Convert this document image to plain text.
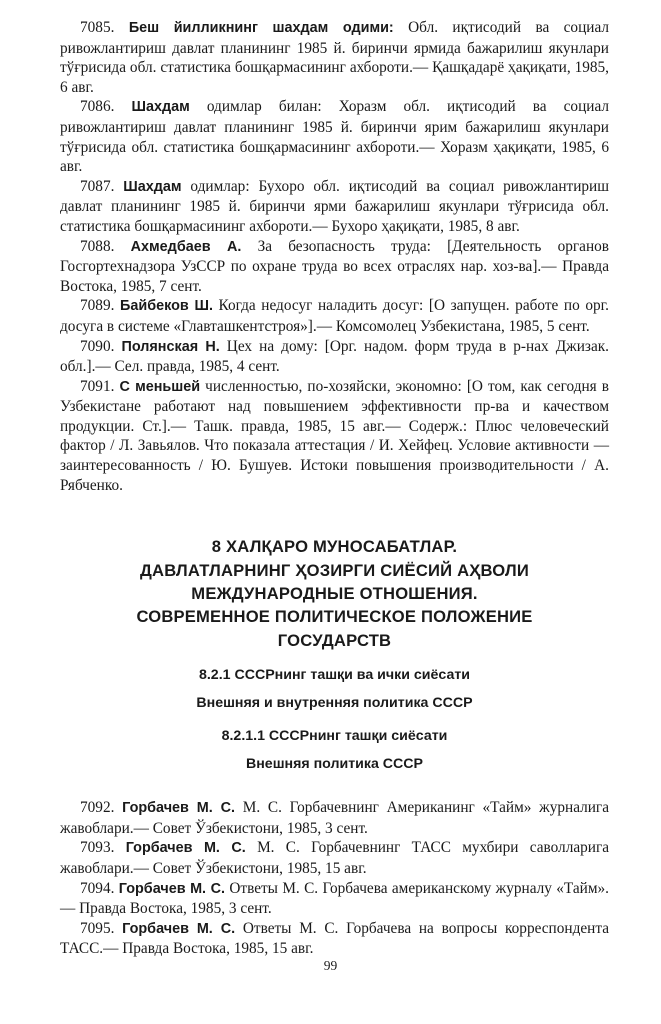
7085. Беш йилликнинг шахдам одими: Обл. иқтисодий ва социал ривожлантириш давлат планининг 1985 й. биринчи ярмида бажарилиш якунлари тўғрисида обл. статистика бошқармасининг ахбороти.— Қашқадарё ҳақиқати, 1985, 6 авг.

7086. Шахдам одимлар билан: Хоразм обл. иқтисодий ва социал ривожлантириш давлат планининг 1985 й. биринчи ярим бажарилиш якунлари тўғрисида обл. статистика бошқармасининг ахбороти.— Хоразм ҳақиқати, 1985, 6 авг.

7087. Шахдам одимлар: Бухоро обл. иқтисодий ва социал ривожлантириш давлат планининг 1985 й. биринчи ярми бажарилиш якунлари тўғрисида обл. статистика бошқармасининг ахбороти.— Бухоро ҳақиқати, 1985, 8 авг.

7088. Ахмедбаев А. За безопасность труда: [Деятельность органов Госгортехнадзора УзССР по охране труда во всех отраслях нар. хоз-ва].— Правда Востока, 1985, 7 сент.

7089. Байбеков Ш. Когда недосуг наладить досуг: [О запущен. работе по орг. досуга в системе «Главташкентстроя»].— Комсомолец Узбекистана, 1985, 5 сент.

7090. Полянская Н. Цех на дому: [Орг. надом. форм труда в р-нах Джизак. обл.].— Сел. правда, 1985, 4 сент.

7091. С меньшей численностью, по-хозяйски, экономно: [О том, как сегодня в Узбекистане работают над повышением эффективности пр-ва и качеством продукции. Ст.].— Ташк. правда, 1985, 15 авг.— Содерж.: Плюс человеческий фактор / Л. Завьялов. Что показала аттестация / И. Хейфец. Условие активности — заинтересованность / Ю. Бушуев. Истоки повышения производительности / А. Рябченко.

8 ХАЛҚАРО МУНОСАБАТЛАР.

ДАВЛАТЛАРНИНГ ҲОЗИРГИ СИЁСИЙ АҲВОЛИ

МЕЖДУНАРОДНЫЕ ОТНОШЕНИЯ.

СОВРЕМЕННОЕ ПОЛИТИЧЕСКОЕ ПОЛОЖЕНИЕ

ГОСУДАРСТВ

8.2.1 СССРнинг ташқи ва ички сиёсати

Внешняя и внутренняя политика СССР

8.2.1.1 СССРнинг ташқи сиёсати

Внешняя политика СССР

7092. Горбачев М. С. М. С. Горбачевнинг Американинг «Тайм» журналига жавоблари.— Совет Ўзбекистони, 1985, 3 сент.

7093. Горбачев М. С. М. С. Горбачевнинг ТАСС мухбири саволларига жавоблари.— Совет Ўзбекистони, 1985, 15 авг.

7094. Горбачев М. С. Ответы М. С. Горбачева американскому журналу «Тайм».— Правда Востока, 1985, 3 сент.

7095. Горбачев М. С. Ответы М. С. Горбачева на вопросы корреспондента ТАСС.— Правда Востока, 1985, 15 авг.

99
